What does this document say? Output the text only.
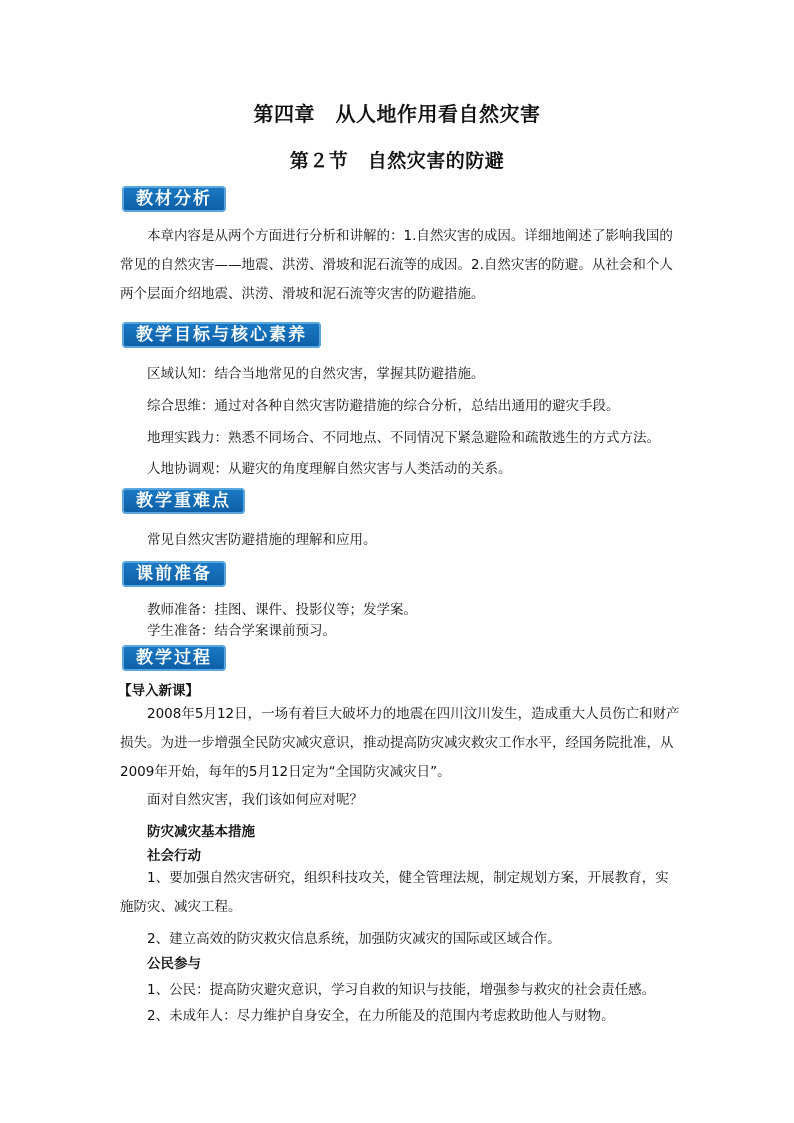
第四章　从人地作用看自然灾害
第２节　自然灾害的防避
教材分析
本章内容是从两个方面进行分析和讲解的：1.自然灾害的成因。详细地阐述了影响我国的常见的自然灾害——地震、洪涝、滑坡和泥石流等的成因。2.自然灾害的防避。从社会和个人两个层面介绍地震、洪涝、滑坡和泥石流等灾害的防避措施。
教学目标与核心素养
区域认知：结合当地常见的自然灾害，掌握其防避措施。
综合思维：通过对各种自然灾害防避措施的综合分析，总结出通用的避灾手段。
地理实践力：熟悉不同场合、不同地点、不同情况下紧急避险和疏散逃生的方式方法。
人地协调观：从避灾的角度理解自然灾害与人类活动的关系。
教学重难点
常见自然灾害防避措施的理解和应用。
课前准备
教师准备：挂图、课件、投影仪等；发学案。
学生准备：结合学案课前预习。
教学过程
【导入新课】
2008年5月12日，一场有着巨大破坏力的地震在四川汶川发生，造成重大人员伤亡和财产损失。为进一步增强全民防灾减灾意识，推动提高防灾减灾救灾工作水平，经国务院批准，从2009年开始，每年的5月12日定为“全国防灾减灾日”。
面对自然灾害，我们该如何应对呢？
防灾减灾基本措施
社会行动
1、要加强自然灾害研究，组织科技攻关，健全管理法规，制定规划方案，开展教育，实施防灾、减灾工程。
2、建立高效的防灾救灾信息系统，加强防灾减灾的国际或区域合作。
公民参与
1、公民：提高防灾避灾意识，学习自救的知识与技能，增强参与救灾的社会责任感。
2、未成年人：尽力维护自身安全，在力所能及的范围内考虑救助他人与财物。
